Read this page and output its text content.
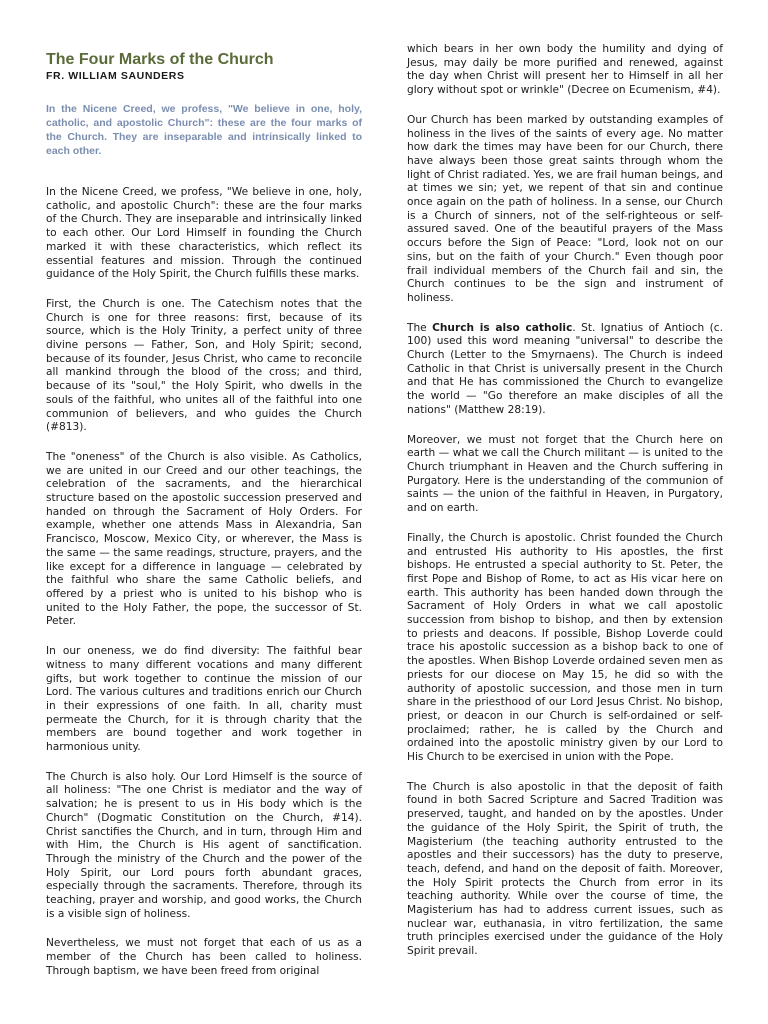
The Four Marks of the Church
FR. WILLIAM SAUNDERS

In the Nicene Creed, we profess, "We believe in one, holy, catholic, and apostolic Church": these are the four marks of the Church. They are inseparable and intrinsically linked to each other.

In the Nicene Creed, we profess, "We believe in one, holy, catholic, and apostolic Church": these are the four marks of the Church. They are inseparable and intrinsically linked to each other. Our Lord Himself in founding the Church marked it with these characteristics, which reflect its essential features and mission. Through the continued guidance of the Holy Spirit, the Church fulfills these marks.

First, the Church is one. The Catechism notes that the Church is one for three reasons: first, because of its source, which is the Holy Trinity, a perfect unity of three divine persons — Father, Son, and Holy Spirit; second, because of its founder, Jesus Christ, who came to reconcile all mankind through the blood of the cross; and third, because of its "soul," the Holy Spirit, who dwells in the souls of the faithful, who unites all of the faithful into one communion of believers, and who guides the Church (#813).

The "oneness" of the Church is also visible. As Catholics, we are united in our Creed and our other teachings, the celebration of the sacraments, and the hierarchical structure based on the apostolic succession preserved and handed on through the Sacrament of Holy Orders. For example, whether one attends Mass in Alexandria, San Francisco, Moscow, Mexico City, or wherever, the Mass is the same — the same readings, structure, prayers, and the like except for a difference in language — celebrated by the faithful who share the same Catholic beliefs, and offered by a priest who is united to his bishop who is united to the Holy Father, the pope, the successor of St. Peter.

In our oneness, we do find diversity: The faithful bear witness to many different vocations and many different gifts, but work together to continue the mission of our Lord. The various cultures and traditions enrich our Church in their expressions of one faith. In all, charity must permeate the Church, for it is through charity that the members are bound together and work together in harmonious unity.

The Church is also holy. Our Lord Himself is the source of all holiness: "The one Christ is mediator and the way of salvation; he is present to us in His body which is the Church" (Dogmatic Constitution on the Church, #14). Christ sanctifies the Church, and in turn, through Him and with Him, the Church is His agent of sanctification. Through the ministry of the Church and the power of the Holy Spirit, our Lord pours forth abundant graces, especially through the sacraments. Therefore, through its teaching, prayer and worship, and good works, the Church is a visible sign of holiness.

Nevertheless, we must not forget that each of us as a member of the Church has been called to holiness. Through baptism, we have been freed from original

which bears in her own body the humility and dying of Jesus, may daily be more purified and renewed, against the day when Christ will present her to Himself in all her glory without spot or wrinkle" (Decree on Ecumenism, #4).

Our Church has been marked by outstanding examples of holiness in the lives of the saints of every age. No matter how dark the times may have been for our Church, there have always been those great saints through whom the light of Christ radiated. Yes, we are frail human beings, and at times we sin; yet, we repent of that sin and continue once again on the path of holiness. In a sense, our Church is a Church of sinners, not of the self-righteous or self-assured saved. One of the beautiful prayers of the Mass occurs before the Sign of Peace: "Lord, look not on our sins, but on the faith of your Church." Even though poor frail individual members of the Church fail and sin, the Church continues to be the sign and instrument of holiness.

The Church is also catholic. St. Ignatius of Antioch (c. 100) used this word meaning "universal" to describe the Church (Letter to the Smyrnaens). The Church is indeed Catholic in that Christ is universally present in the Church and that He has commissioned the Church to evangelize the world — "Go therefore an make disciples of all the nations" (Matthew 28:19).

Moreover, we must not forget that the Church here on earth — what we call the Church militant — is united to the Church triumphant in Heaven and the Church suffering in Purgatory. Here is the understanding of the communion of saints — the union of the faithful in Heaven, in Purgatory, and on earth.

Finally, the Church is apostolic. Christ founded the Church and entrusted His authority to His apostles, the first bishops. He entrusted a special authority to St. Peter, the first Pope and Bishop of Rome, to act as His vicar here on earth. This authority has been handed down through the Sacrament of Holy Orders in what we call apostolic succession from bishop to bishop, and then by extension to priests and deacons. If possible, Bishop Loverde could trace his apostolic succession as a bishop back to one of the apostles. When Bishop Loverde ordained seven men as priests for our diocese on May 15, he did so with the authority of apostolic succession, and those men in turn share in the priesthood of our Lord Jesus Christ. No bishop, priest, or deacon in our Church is self-ordained or self-proclaimed; rather, he is called by the Church and ordained into the apostolic ministry given by our Lord to His Church to be exercised in union with the Pope.

The Church is also apostolic in that the deposit of faith found in both Sacred Scripture and Sacred Tradition was preserved, taught, and handed on by the apostles. Under the guidance of the Holy Spirit, the Spirit of truth, the Magisterium (the teaching authority entrusted to the apostles and their successors) has the duty to preserve, teach, defend, and hand on the deposit of faith. Moreover, the Holy Spirit protects the Church from error in its teaching authority. While over the course of time, the Magisterium has had to address current issues, such as nuclear war, euthanasia, in vitro fertilization, the same truth principles exercised under the guidance of the Holy Spirit prevail.
